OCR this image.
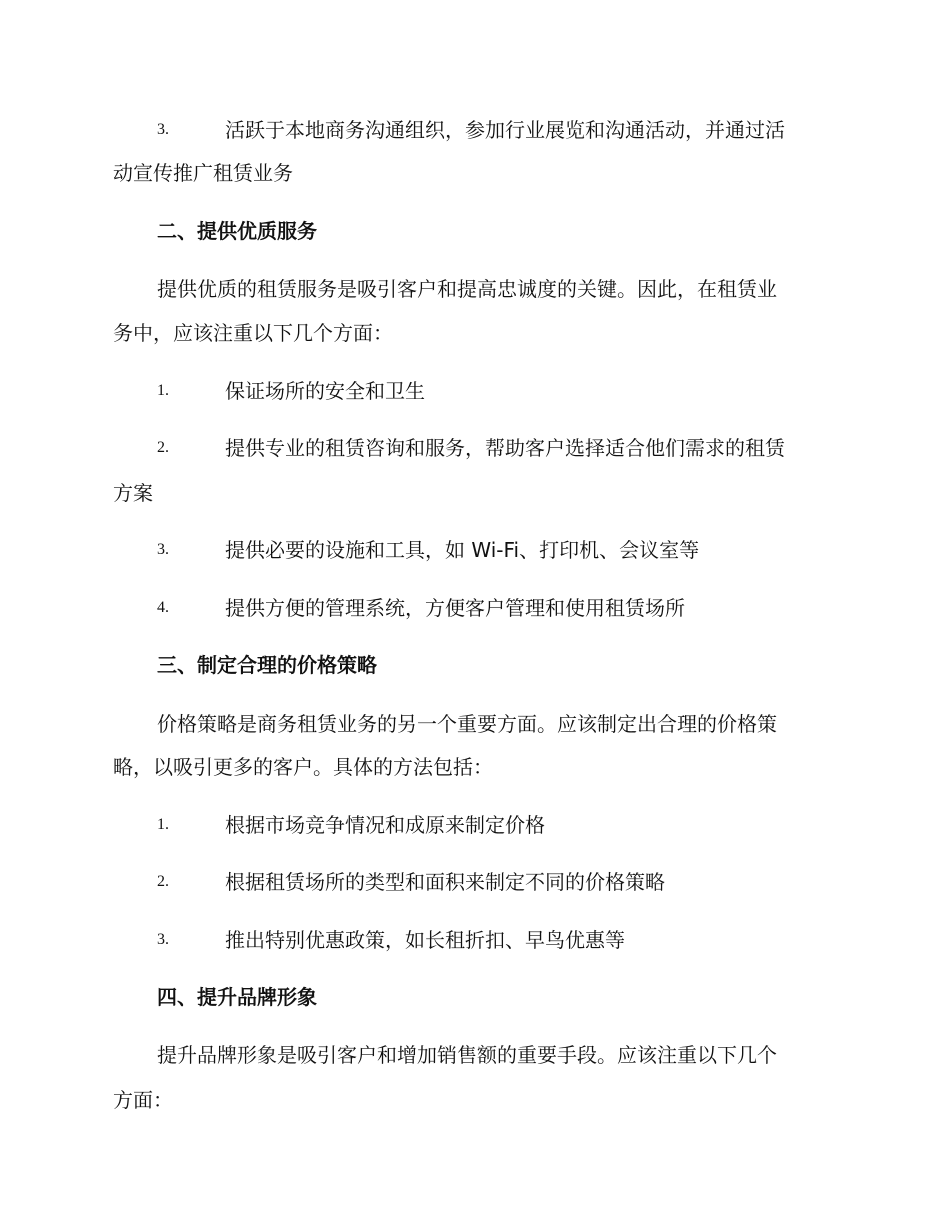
3.	活跃于本地商务沟通组织，参加行业展览和沟通活动，并通过活
动宣传推广租赁业务
二、提供优质服务
提供优质的租赁服务是吸引客户和提高忠诚度的关键。因此，在租赁业
务中，应该注重以下几个方面：
1.	保证场所的安全和卫生
2.	提供专业的租赁咨询和服务，帮助客户选择适合他们需求的租赁
方案
3.	提供必要的设施和工具，如 Wi-Fi、打印机、会议室等
4.	提供方便的管理系统，方便客户管理和使用租赁场所
三、制定合理的价格策略
价格策略是商务租赁业务的另一个重要方面。应该制定出合理的价格策
略，以吸引更多的客户。具体的方法包括：
1.	根据市场竞争情况和成原来制定价格
2.	根据租赁场所的类型和面积来制定不同的价格策略
3.	推出特别优惠政策，如长租折扣、早鸟优惠等
四、提升品牌形象
提升品牌形象是吸引客户和增加销售额的重要手段。应该注重以下几个
方面：
